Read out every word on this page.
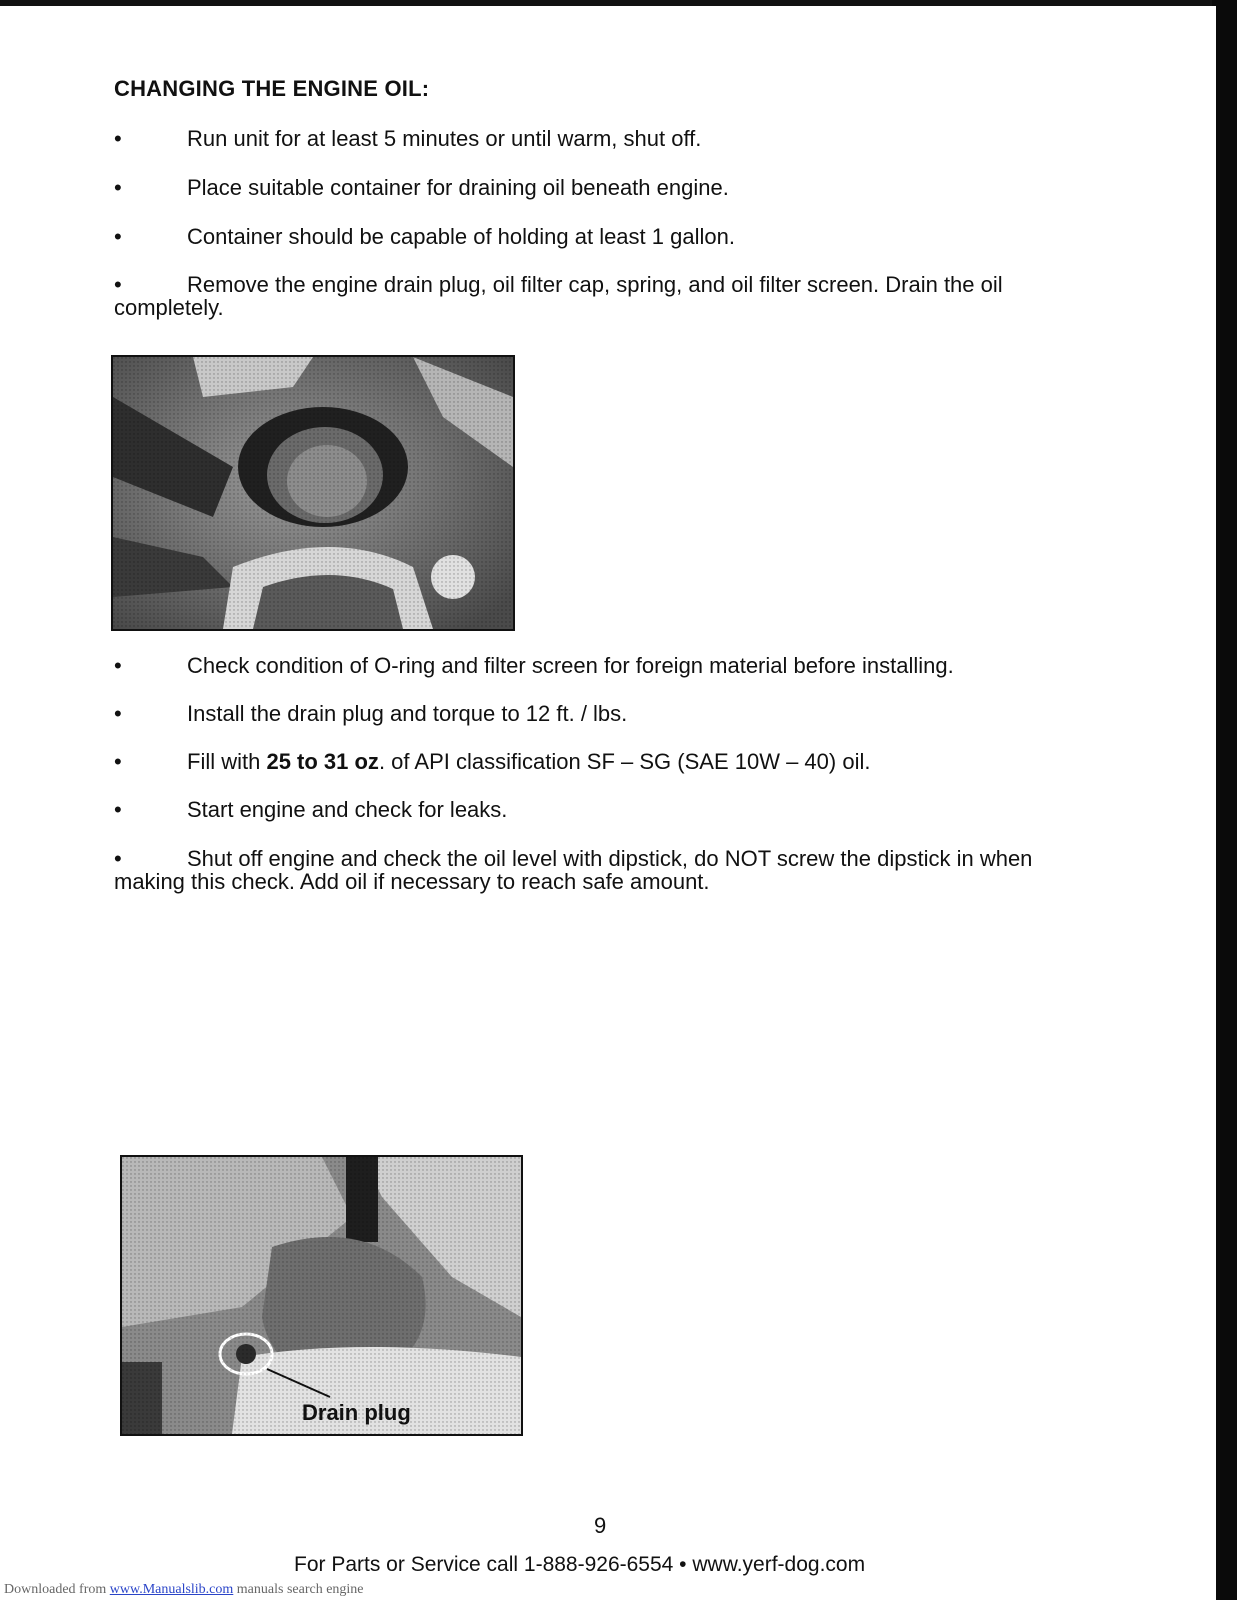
CHANGING THE ENGINE OIL:
•	Run unit for at least 5 minutes or until warm, shut off.
•	Place suitable container for draining oil beneath engine.
•	Container should be capable of holding at least 1 gallon.
•	Remove the engine drain plug, oil filter cap, spring, and oil filter screen. Drain the oil completely.
•	Check condition of O-ring and filter screen for foreign material before installing.
•	Install the drain plug and torque to 12 ft. / lbs.
•	Fill with 25 to 31 oz. of API classification SF – SG (SAE 10W – 40) oil.
•	Start engine and check for leaks.
•	Shut off engine and check the oil level with dipstick, do NOT screw the dipstick in when making this check. Add oil if necessary to reach safe amount.
Drain plug
9
For Parts or Service call 1-888-926-6554 • www.yerf-dog.com
Downloaded from www.Manualslib.com manuals search engine
